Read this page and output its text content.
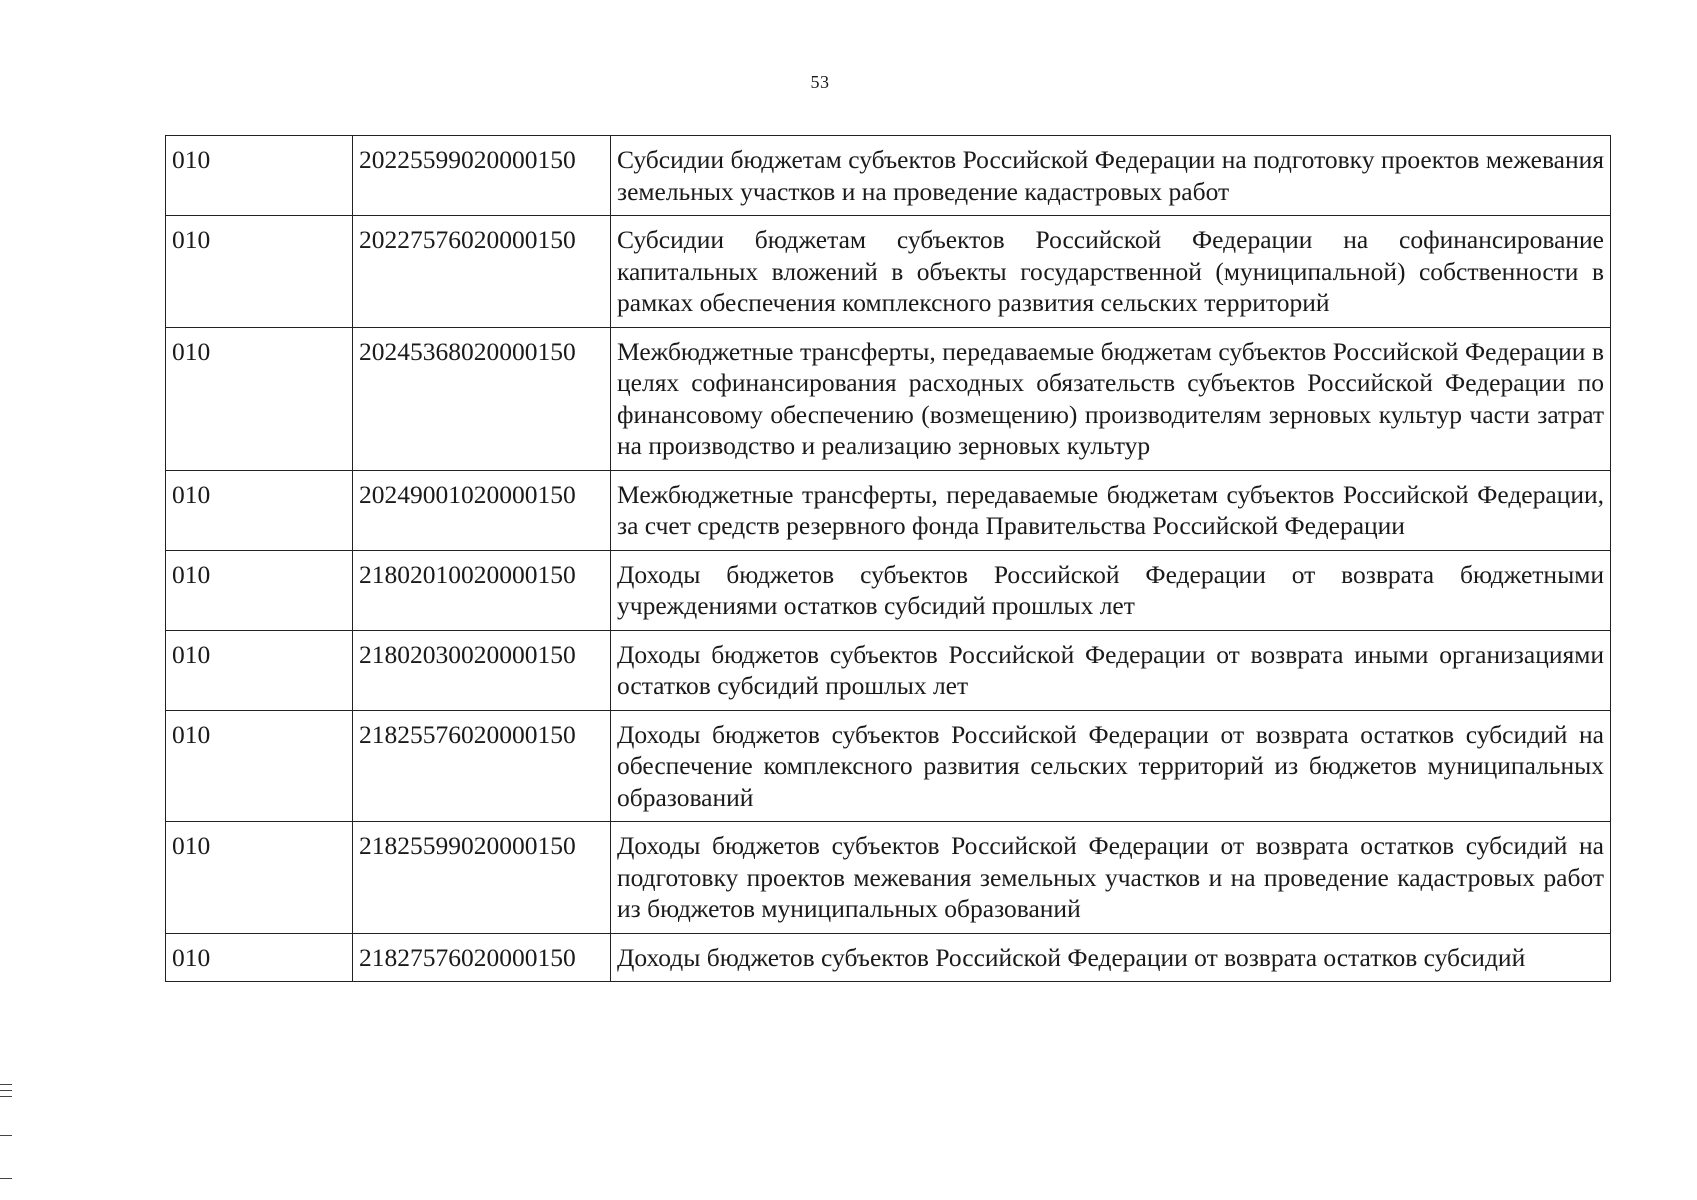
53
010	20225599020000150	Субсидии бюджетам субъектов Российской Федерации на подготовку проектов межевания земельных участков и на проведение кадастровых работ
010	20227576020000150	Субсидии бюджетам субъектов Российской Федерации на софинансирование капитальных вложений в объекты государственной (муниципальной) собственности в рамках обеспечения комплексного развития сельских территорий
010	20245368020000150	Межбюджетные трансферты, передаваемые бюджетам субъектов Российской Федерации в целях софинансирования расходных обязательств субъектов Российской Федерации по финансовому обеспечению (возмещению) производителям зерновых культур части затрат на производство и реализацию зерновых культур
010	20249001020000150	Межбюджетные трансферты, передаваемые бюджетам субъектов Российской Федерации, за счет средств резервного фонда Правительства Российской Федерации
010	21802010020000150	Доходы бюджетов субъектов Российской Федерации от возврата бюджетными учреждениями остатков субсидий прошлых лет
010	21802030020000150	Доходы бюджетов субъектов Российской Федерации от возврата иными организациями остатков субсидий прошлых лет
010	21825576020000150	Доходы бюджетов субъектов Российской Федерации от возврата остатков субсидий на обеспечение комплексного развития сельских территорий из бюджетов муниципальных образований
010	21825599020000150	Доходы бюджетов субъектов Российской Федерации от возврата остатков субсидий на подготовку проектов межевания земельных участков и на проведение кадастровых работ из бюджетов муниципальных образований
010	21827576020000150	Доходы бюджетов субъектов Российской Федерации от возврата остатков субсидий
